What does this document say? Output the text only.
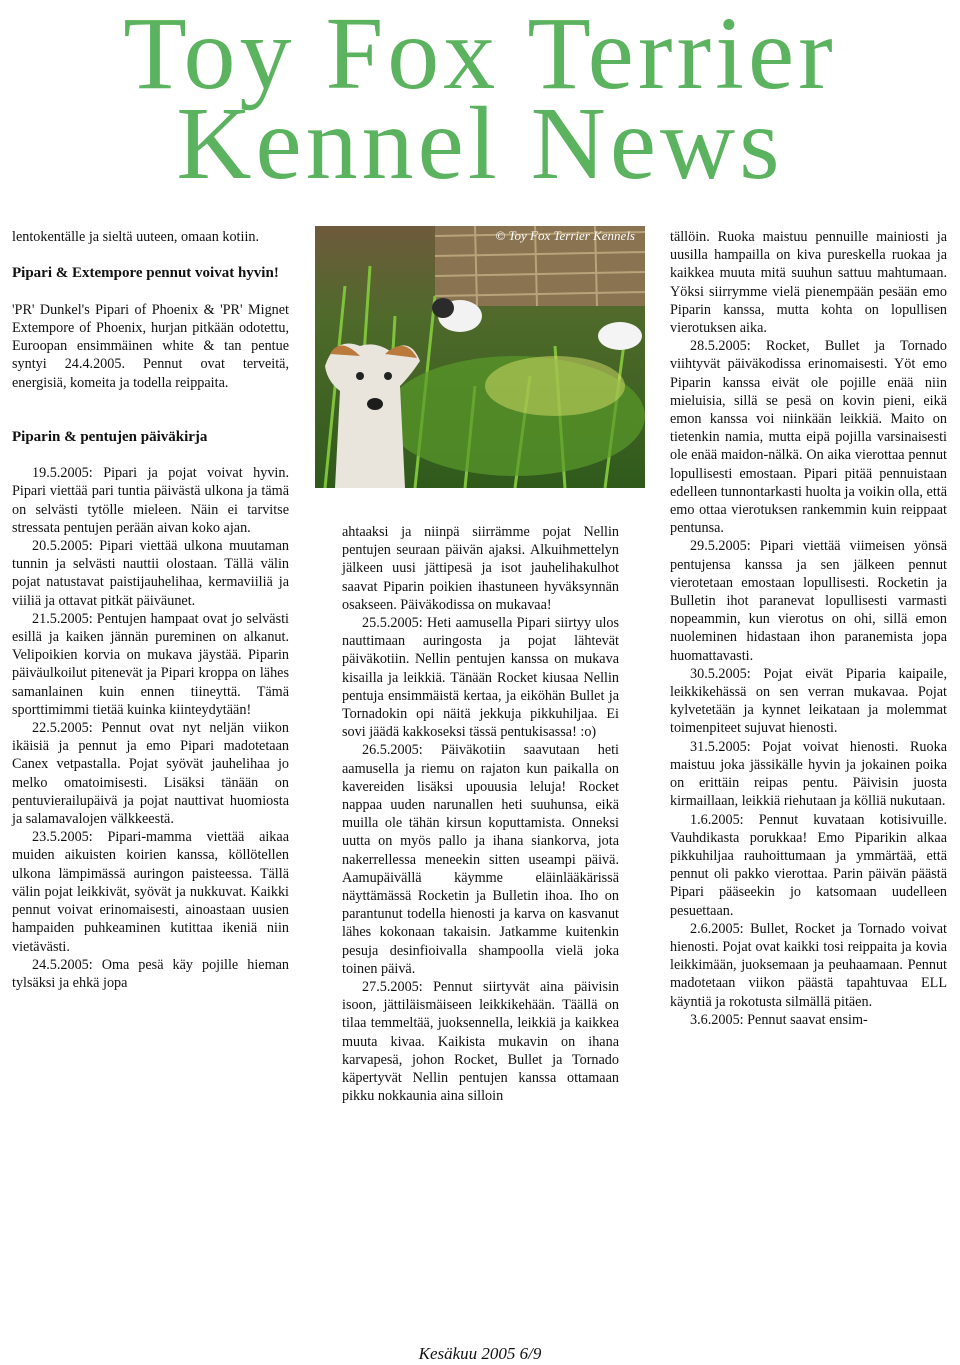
Toy Fox Terrier
Kennel News

lentokentälle ja sieltä uuteen, omaan kotiin.

Pipari & Extempore pennut voivat hyvin!

'PR' Dunkel's Pipari of Phoenix & 'PR' Mignet Extempore of Phoenix, hurjan pitkään odotettu, Euroopan ensimmäinen white & tan pentue syntyi 24.4.2005. Pennut ovat terveitä, energisiä, komeita ja todella reippaita.

Piparin & pentujen päiväkirja

19.5.2005: Pipari ja pojat voivat hyvin. Pipari viettää pari tuntia päivästä ulkona ja tämä on selvästi tytölle mieleen. Näin ei tarvitse stressata pentujen perään aivan koko ajan.

20.5.2005: Pipari viettää ulkona muutaman tunnin ja selvästi nauttii olostaan. Tällä välin pojat natustavat paistijauhelihaa, kermaviiliä ja viiliä ja ottavat pitkät päiväunet.

21.5.2005: Pentujen hampaat ovat jo selvästi esillä ja kaiken jännän pureminen on alkanut. Velipoikien korvia on mukava jäystää. Piparin päiväulkoilut pitenevät ja Pipari kroppa on lähes samanlainen kuin ennen tiineyttä. Tämä sporttimimmi tietää kuinka kiinteydytään!

22.5.2005: Pennut ovat nyt neljän viikon ikäisiä ja pennut ja emo Pipari madotetaan Canex vetpastalla. Pojat syövät jauhelihaa jo melko omatoimisesti. Lisäksi tänään on pentuvierailupäivä ja pojat nauttivat huomiosta ja salamavalojen välkkeestä.

23.5.2005: Pipari-mamma viettää aikaa muiden aikuisten koirien kanssa, köllötellen ulkona lämpimässä auringon paisteessa. Tällä välin pojat leikkivät, syövät ja nukkuvat. Kaikki pennut voivat erinomaisesti, ainoastaan uusien hampaiden puhkeaminen kutittaa ikeniä niin vietävästi.

24.5.2005: Oma pesä käy pojille hieman tylsäksi ja ehkä jopa

© Toy Fox Terrier Kennels

ahtaaksi ja niinpä siirrämme pojat Nellin pentujen seuraan päivän ajaksi. Alkuihmettelyn jälkeen uusi jättipesä ja isot jauhelihakulhot saavat Piparin poikien ihastuneen hyväksynnän osakseen. Päiväkodissa on mukavaa!

25.5.2005: Heti aamusella Pipari siirtyy ulos nauttimaan auringosta ja pojat lähtevät päiväkotiin. Nellin pentujen kanssa on mukava kisailla ja leikkiä. Tänään Rocket kiusaa Nellin pentuja ensimmäistä kertaa, ja eiköhän Bullet ja Tornadokin opi näitä jekkuja pikkuhiljaa. Ei sovi jäädä kakkoseksi tässä pentukisassa! :o)

26.5.2005: Päiväkotiin saavutaan heti aamusella ja riemu on rajaton kun paikalla on kavereiden lisäksi upouusia leluja! Rocket nappaa uuden narunallen heti suuhunsa, eikä muilla ole tähän kirsun koputtamista. Onneksi uutta on myös pallo ja ihana siankorva, jota nakerrellessa meneekin sitten useampi päivä. Aamupäivällä käymme eläinlääkärissä näyttämässä Rocketin ja Bulletin ihoa. Iho on parantunut todella hienosti ja karva on kasvanut lähes kokonaan takaisin. Jatkamme kuitenkin pesuja desinfioivalla shampoolla vielä joka toinen päivä.

27.5.2005: Pennut siirtyvät aina päivisin isoon, jättiläismäiseen leikkikehään. Täällä on tilaa temmeltää, juoksennella, leikkiä ja kaikkea muuta kivaa. Kaikista mukavin on ihana karvapesä, johon Rocket, Bullet ja Tornado käpertyvät Nellin pentujen kanssa ottamaan pikku nokkaunia aina silloin

tällöin. Ruoka maistuu pennuille mainiosti ja uusilla hampailla on kiva pureskella ruokaa ja kaikkea muuta mitä suuhun sattuu mahtumaan. Yöksi siirrymme vielä pienempään pesään emo Piparin kanssa, mutta kohta on lopullisen vierotuksen aika.

28.5.2005: Rocket, Bullet ja Tornado viihtyvät päiväkodissa erinomaisesti. Yöt emo Piparin kanssa eivät ole pojille enää niin mieluisia, sillä se pesä on kovin pieni, eikä emon kanssa voi niinkään leikkiä. Maito on tietenkin namia, mutta eipä pojilla varsinaisesti ole enää maidon-nälkä. On aika vierottaa pennut lopullisesti emostaan. Pipari pitää pennuistaan edelleen tunnontarkasti huolta ja voikin olla, että emo ottaa vierotuksen rankemmin kuin reippaat pentunsa.

29.5.2005: Pipari viettää viimeisen yönsä pentujensa kanssa ja sen jälkeen pennut vierotetaan emostaan lopullisesti. Rocketin ja Bulletin ihot paranevat lopullisesti varmasti nopeammin, kun vierotus on ohi, sillä emon nuoleminen hidastaan ihon paranemista jopa huomattavasti.

30.5.2005: Pojat eivät Piparia kaipaile, leikkikehässä on sen verran mukavaa. Pojat kylvetetään ja kynnet leikataan ja molemmat toimenpiteet sujuvat hienosti.

31.5.2005: Pojat voivat hienosti. Ruoka maistuu joka jässikälle hyvin ja jokainen poika on erittäin reipas pentu. Päivisin juosta kirmaillaan, leikkiä riehutaan ja kölliä nukutaan.

1.6.2005: Pennut kuvataan kotisivuille. Vauhdikasta porukkaa! Emo Piparikin alkaa pikkuhiljaa rauhoittumaan ja ymmärtää, että pennut oli pakko vierottaa. Parin päivän päästä Pipari pääseekin jo katsomaan uudelleen pesuettaan.

2.6.2005: Bullet, Rocket ja Tornado voivat hienosti. Pojat ovat kaikki tosi reippaita ja kovia leikkimään, juoksemaan ja peuhaamaan. Pennut madotetaan viikon päästä tapahtuvaa ELL käyntiä ja rokotusta silmällä pitäen.

3.6.2005: Pennut saavat ensim-

Kesäkuu 2005 6/9
